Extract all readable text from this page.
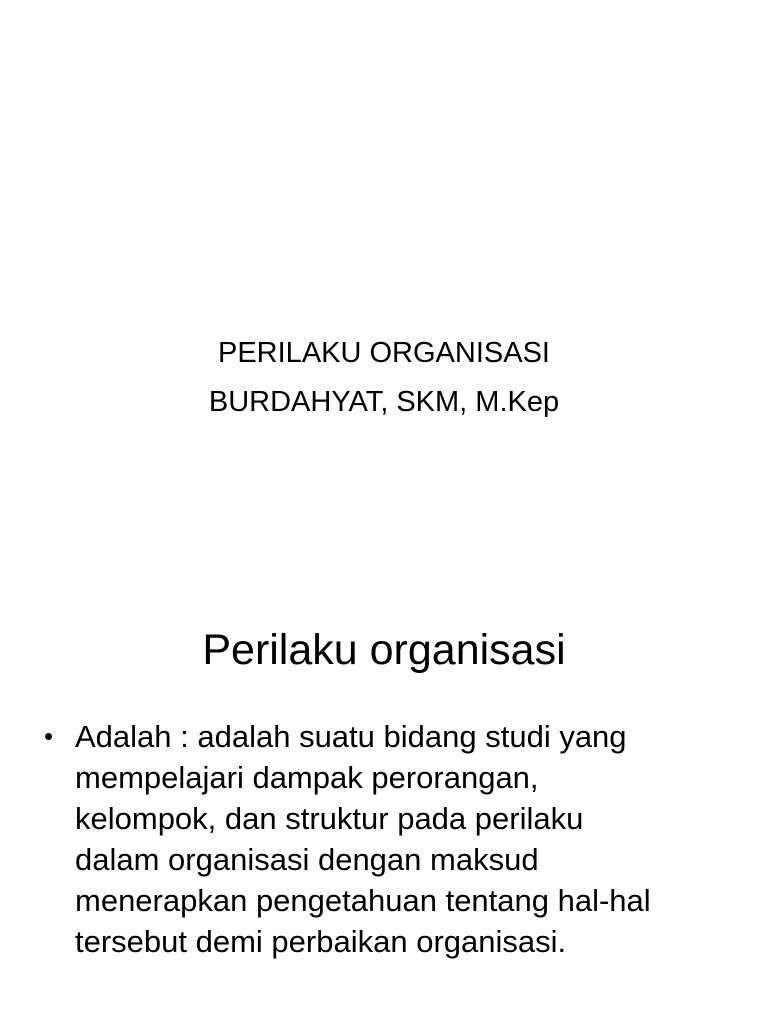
PERILAKU ORGANISASI
BURDAHYAT, SKM, M.Kep
Perilaku organisasi
• Adalah : adalah suatu bidang studi yang
mempelajari dampak perorangan,
kelompok, dan struktur pada perilaku
dalam organisasi dengan maksud
menerapkan pengetahuan tentang hal-hal
tersebut demi perbaikan organisasi.
